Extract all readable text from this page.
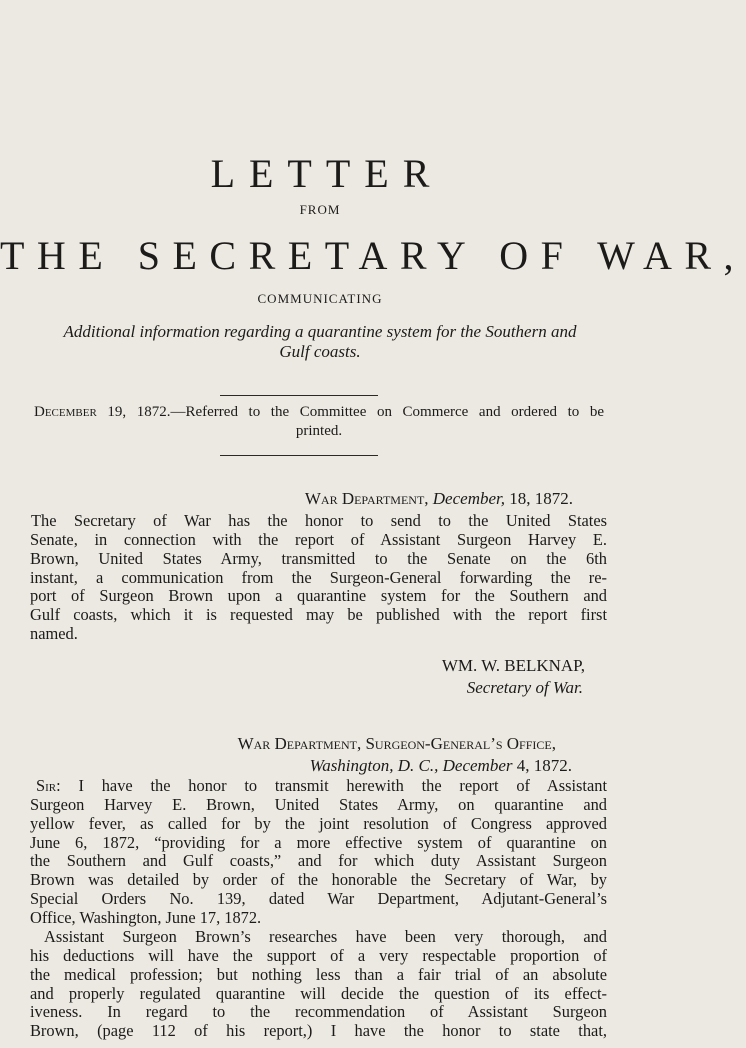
LETTER
FROM
THE SECRETARY OF WAR,
COMMUNICATING
Additional information regarding a quarantine system for the Southern and
Gulf coasts.
December 19, 1872.—Referred to the Committee on Commerce and ordered to be
printed.
War Department, December, 18, 1872.
The Secretary of War has the honor to send to the United States
Senate, in connection with the report of Assistant Surgeon Harvey E.
Brown, United States Army, transmitted to the Senate on the 6th
instant, a communication from the Surgeon-General forwarding the re-
port of Surgeon Brown upon a quarantine system for the Southern and
Gulf coasts, which it is requested may be published with the report first
named.
WM. W. BELKNAP,
Secretary of War.
War Department, Surgeon-General’s Office,
Washington, D. C., December 4, 1872.
Sir: I have the honor to transmit herewith the report of Assistant
Surgeon Harvey E. Brown, United States Army, on quarantine and
yellow fever, as called for by the joint resolution of Congress approved
June 6, 1872, “providing for a more effective system of quarantine on
the Southern and Gulf coasts,” and for which duty Assistant Surgeon
Brown was detailed by order of the honorable the Secretary of War, by
Special Orders No. 139, dated War Department, Adjutant-General’s
Office, Washington, June 17, 1872.
Assistant Surgeon Brown’s researches have been very thorough, and
his deductions will have the support of a very respectable proportion of
the medical profession; but nothing less than a fair trial of an absolute
and properly regulated quarantine will decide the question of its effect-
iveness. In regard to the recommendation of Assistant Surgeon
Brown, (page 112 of his report,) I have the honor to state that,
